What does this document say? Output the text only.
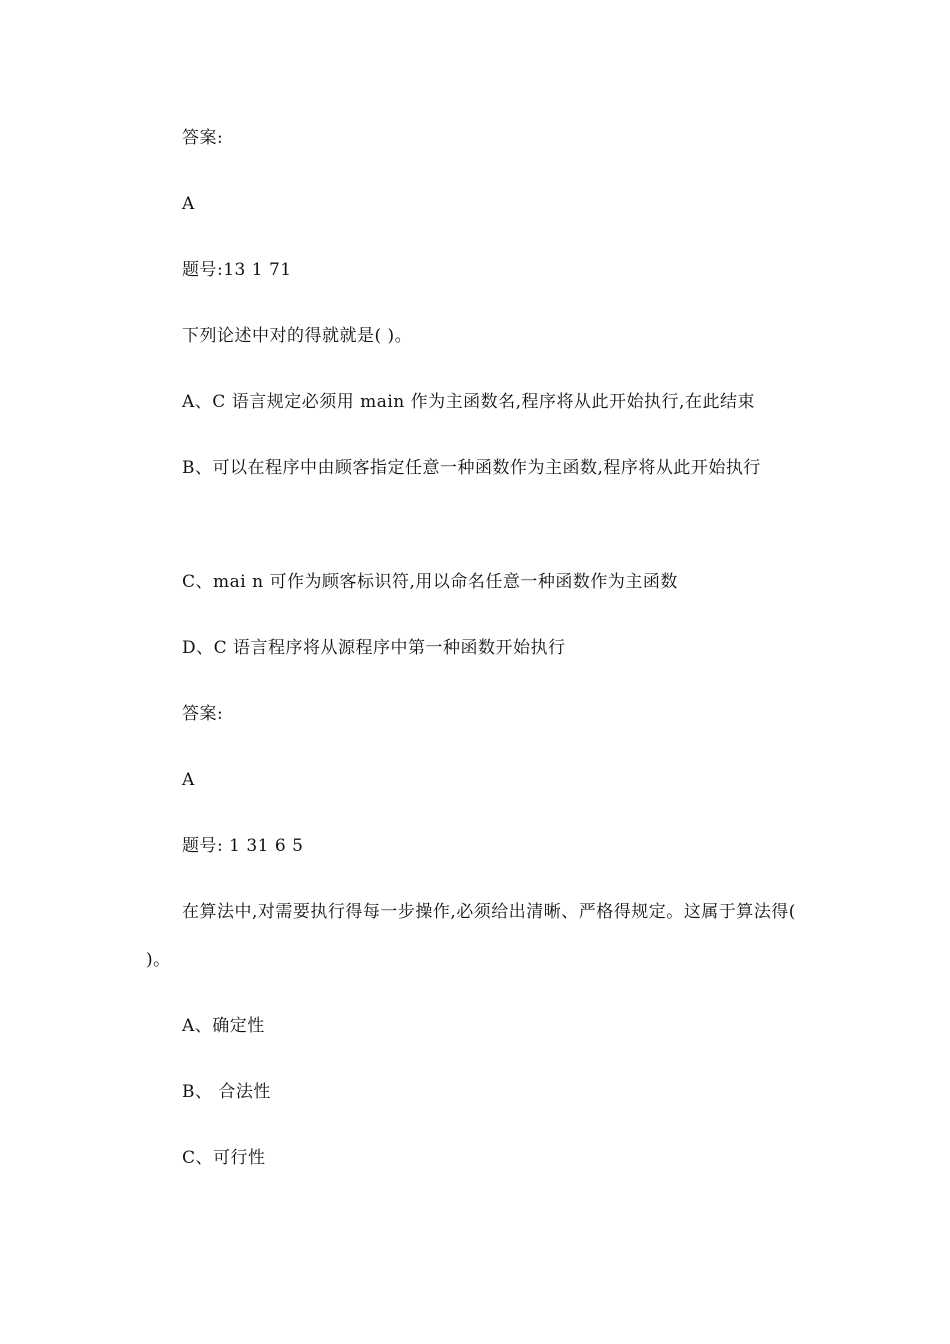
答案:
A
题号:13 1 71
下列论述中对的得就就是( )。
A、C 语言规定必须用 main 作为主函数名,程序将从此开始执行,在此结束
B、可以在程序中由顾客指定任意一种函数作为主函数,程序将从此开始执行
C、mai n 可作为顾客标识符,用以命名任意一种函数作为主函数
D、C 语言程序将从源程序中第一种函数开始执行
答案:
A
题号: 1 31 6 5
在算法中,对需要执行得每一步操作,必须给出清晰、严格得规定。这属于算法得( )。
A、确定性
B、 合法性
C、可行性
